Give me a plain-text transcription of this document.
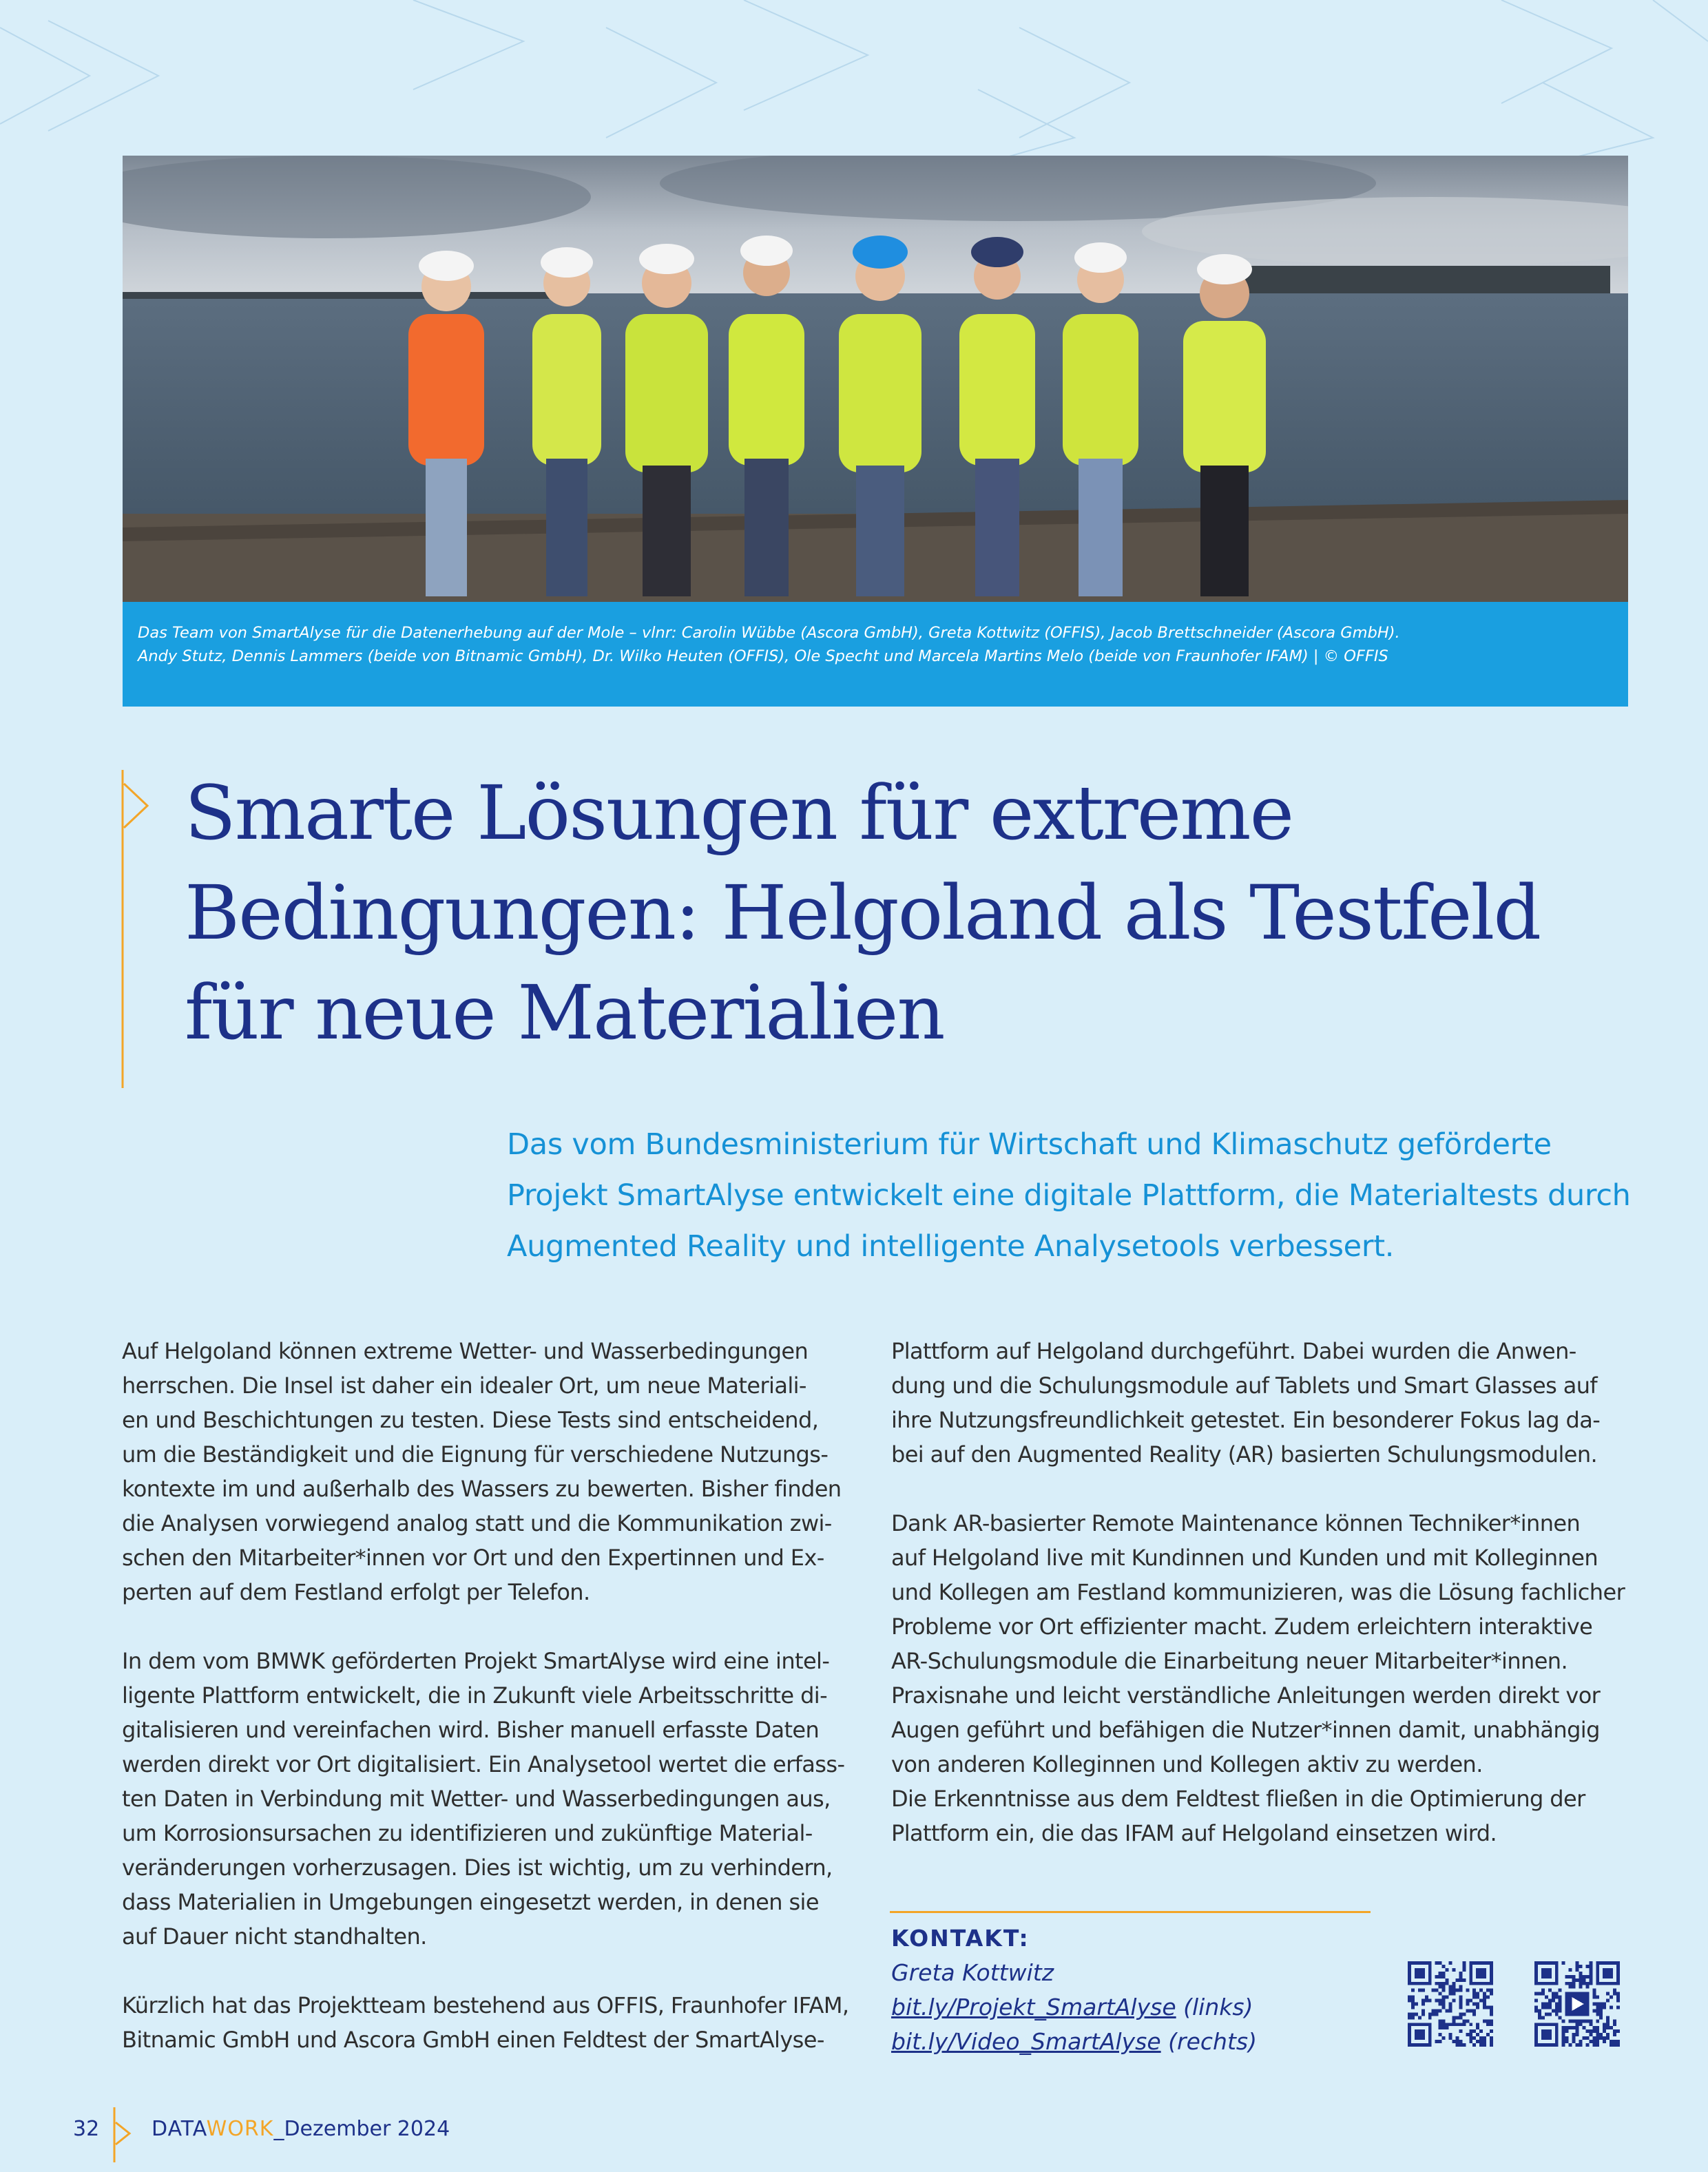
Das Team von SmartAlyse für die Datenerhebung auf der Mole – vlnr: Carolin Wübbe (Ascora GmbH), Greta Kottwitz (OFFIS), Jacob Brettschneider (Ascora GmbH).
Andy Stutz, Dennis Lammers (beide von Bitnamic GmbH), Dr. Wilko Heuten (OFFIS), Ole Specht und Marcela Martins Melo (beide von Fraunhofer IFAM) | © OFFIS
Smarte Lösungen für extreme
Bedingungen: Helgoland als Testfeld
für neue Materialien
Das vom Bundesministerium für Wirtschaft und Klimaschutz geförderte
Projekt SmartAlyse entwickelt eine digitale Plattform, die Materialtests durch
Augmented Reality und intelligente Analysetools verbessert.
Auf Helgoland können extreme Wetter- und Wasserbedingungen
herrschen. Die Insel ist daher ein idealer Ort, um neue Materiali-
en und Beschichtungen zu testen. Diese Tests sind entscheidend,
um die Beständigkeit und die Eignung für verschiedene Nutzungs-
kontexte im und außerhalb des Wassers zu bewerten. Bisher finden
die Analysen vorwiegend analog statt und die Kommunikation zwi-
schen den Mitarbeiter*innen vor Ort und den Expertinnen und Ex-
perten auf dem Festland erfolgt per Telefon.
In dem vom BMWK geförderten Projekt SmartAlyse wird eine intel-
ligente Plattform entwickelt, die in Zukunft viele Arbeitsschritte di-
gitalisieren und vereinfachen wird. Bisher manuell erfasste Daten
werden direkt vor Ort digitalisiert. Ein Analysetool wertet die erfass-
ten Daten in Verbindung mit Wetter- und Wasserbedingungen aus,
um Korrosionsursachen zu identifizieren und zukünftige Material-
veränderungen vorherzusagen. Dies ist wichtig, um zu verhindern,
dass Materialien in Umgebungen eingesetzt werden, in denen sie
auf Dauer nicht standhalten.
Kürzlich hat das Projektteam bestehend aus OFFIS, Fraunhofer IFAM,
Bitnamic GmbH und Ascora GmbH einen Feldtest der SmartAlyse-
Plattform auf Helgoland durchgeführt. Dabei wurden die Anwen-
dung und die Schulungsmodule auf Tablets und Smart Glasses auf
ihre Nutzungsfreundlichkeit getestet. Ein besonderer Fokus lag da-
bei auf den Augmented Reality (AR) basierten Schulungsmodulen.
Dank AR-basierter Remote Maintenance können Techniker*innen
auf Helgoland live mit Kundinnen und Kunden und mit Kolleginnen
und Kollegen am Festland kommunizieren, was die Lösung fachlicher
Probleme vor Ort effizienter macht. Zudem erleichtern interaktive
AR-Schulungsmodule die Einarbeitung neuer Mitarbeiter*innen.
Praxisnahe und leicht verständliche Anleitungen werden direkt vor
Augen geführt und befähigen die Nutzer*innen damit, unabhängig
von anderen Kolleginnen und Kollegen aktiv zu werden.
Die Erkenntnisse aus dem Feldtest fließen in die Optimierung der
Plattform ein, die das IFAM auf Helgoland einsetzen wird.
KONTAKT:
Greta Kottwitz
bit.ly/Projekt_SmartAlyse (links)
bit.ly/Video_SmartAlyse (rechts)
32	DATAWORK_Dezember 2024
